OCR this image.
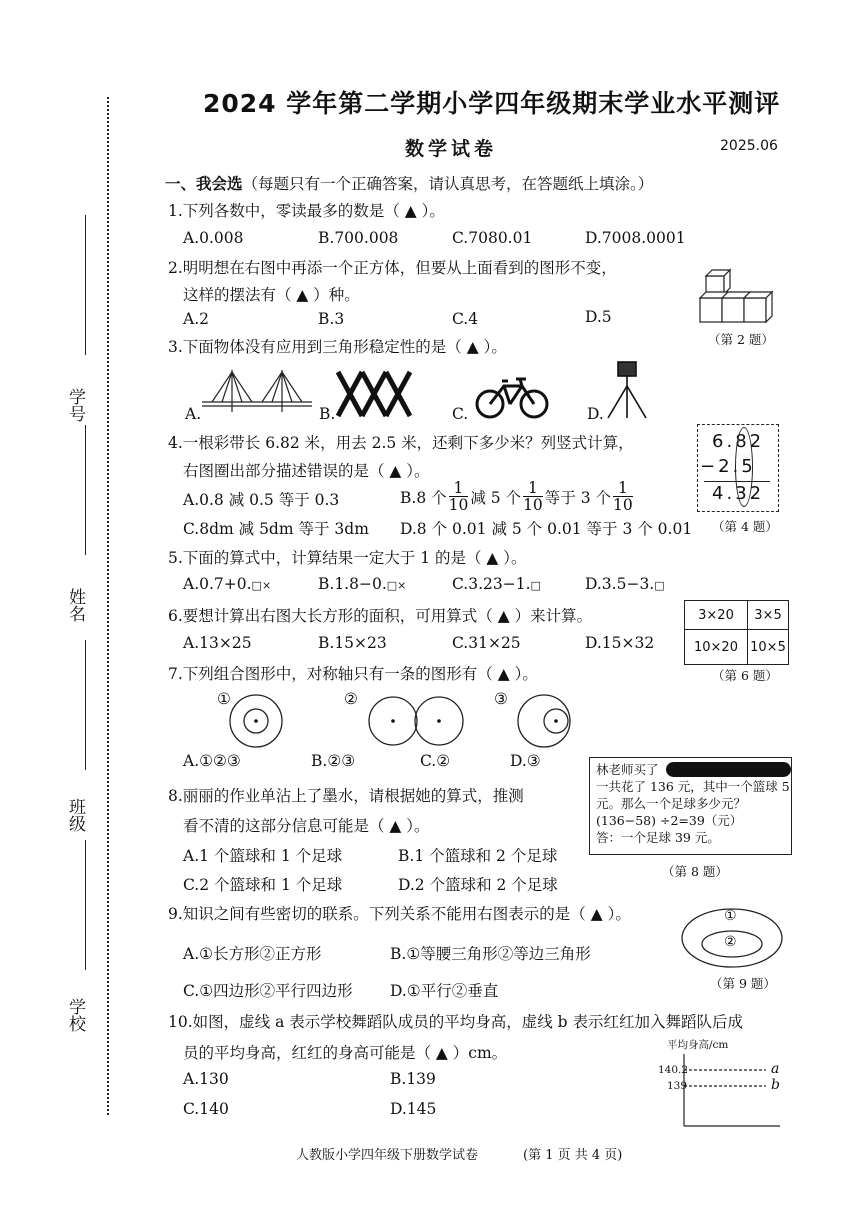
学号
姓名
班级
学校
2024 学年第二学期小学四年级期末学业水平测评
数学试卷	2025.06
一、我会选（每题只有一个正确答案，请认真思考，在答题纸上填涂。）
1.下列各数中，零读最多的数是（ ▲ ）。
A.0.008	B.700.008	C.7080.01	D.7008.0001
2.明明想在右图中再添一个正方体，但要从上面看到的图形不变，
这样的摆法有（ ▲ ）种。
A.2	B.3	C.4	D.5
（第 2 题）
3.下面物体没有应用到三角形稳定性的是（ ▲ ）。
A.	B.	C.	D.
4.一根彩带长 6.82 米，用去 2.5 米，还剩下多少米？列竖式计算，
右图圈出部分描述错误的是（ ▲ ）。
A.0.8 减 0.5 等于 0.3	B.8 个 $\frac{1}{10}$ 减 5 个 $\frac{1}{10}$ 等于 3 个 $\frac{1}{10}$
C.8dm 减 5dm 等于 3dm D.8 个 0.01 减 5 个 0.01 等于 3 个 0.01
6.82
−2.5
4.32
（第 4 题）
5.下面的算式中，计算结果一定大于 1 的是（ ▲ ）。
A.0.7+0.□×	B.1.8−0.□×	C.3.23−1.□	D.3.5−3.□
6.要想计算出右图大长方形的面积，可用算式（ ▲ ）来计算。
A.13×25	B.15×23	C.31×25	D.15×32
3×20	3×5
10×20	10×5
（第 6 题）
7.下列组合图形中，对称轴只有一条的图形有（ ▲ ）。
①	②	③
A.①②③	B.②③	C.②	D.③
8.丽丽的作业单沾上了墨水，请根据她的算式，推测
看不清的这部分信息可能是（ ▲ ）。
A.1 个篮球和 1 个足球	B.1 个篮球和 2 个足球
C.2 个篮球和 1 个足球	D.2 个篮球和 2 个足球
林老师买了
一共花了 136 元，其中一个篮球 5
元。那么一个足球多少元？
(136−58) ÷2=39（元）
答：一个足球 39 元。
（第 8 题）
9.知识之间有些密切的联系。下列关系不能用右图表示的是（ ▲ ）。
A.①长方形②正方形	B.①等腰三角形②等边三角形
C.①四边形②平行四边形 D.①平行②垂直
①
②
（第 9 题）
10.如图，虚线 a 表示学校舞蹈队成员的平均身高，虚线 b 表示红红加入舞蹈队后成
员的平均身高，红红的身高可能是（ ▲ ）cm。
A.130	B.139
C.140	D.145
平均身高/cm
140.2
139
a
b
人教版小学四年级下册数学试卷	(第 1 页 共 4 页)
